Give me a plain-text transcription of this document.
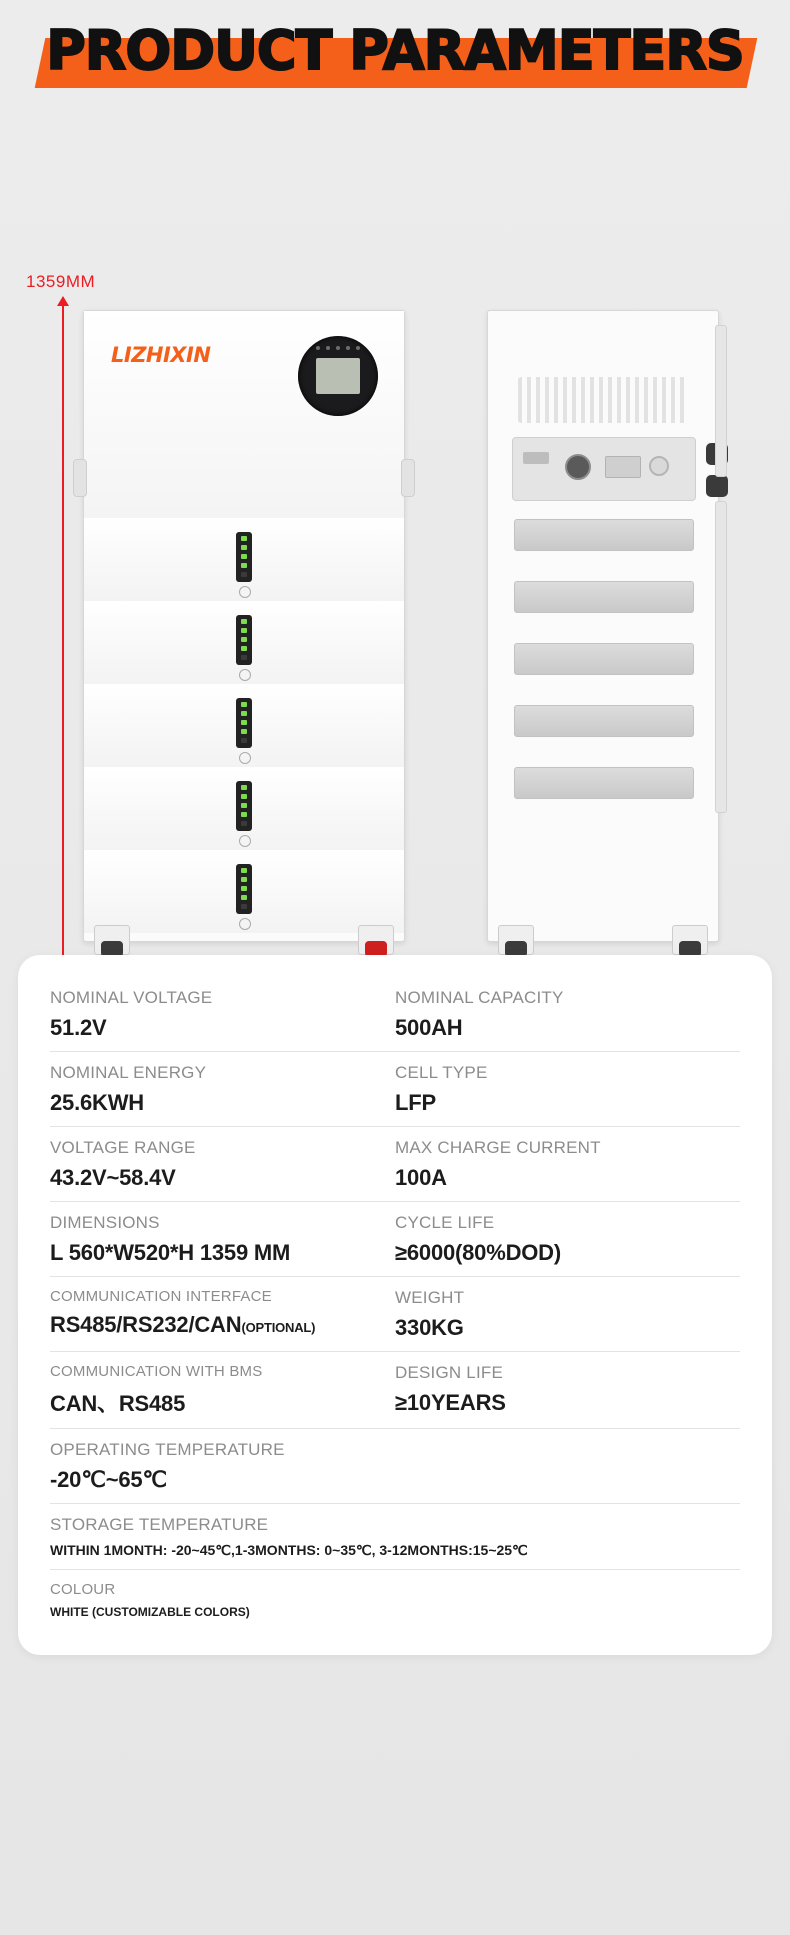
PRODUCT PARAMETERS
1359MM
LIZHIXIN
NOMINAL VOLTAGE
51.2V
NOMINAL CAPACITY
500AH
NOMINAL ENERGY
25.6KWH
CELL TYPE
LFP
VOLTAGE RANGE
43.2V~58.4V
MAX CHARGE CURRENT
100A
DIMENSIONS
L 560*W520*H 1359 MM
CYCLE LIFE
≥6000(80%DOD)
COMMUNICATION INTERFACE
RS485/RS232/CAN(OPTIONAL)
WEIGHT
330KG
COMMUNICATION WITH BMS
CAN、RS485
DESIGN LIFE
≥10YEARS
OPERATING TEMPERATURE
-20℃~65℃
STORAGE TEMPERATURE
WITHIN 1MONTH: -20~45℃,1-3MONTHS: 0~35℃, 3-12MONTHS:15~25℃
COLOUR
WHITE (CUSTOMIZABLE COLORS)
